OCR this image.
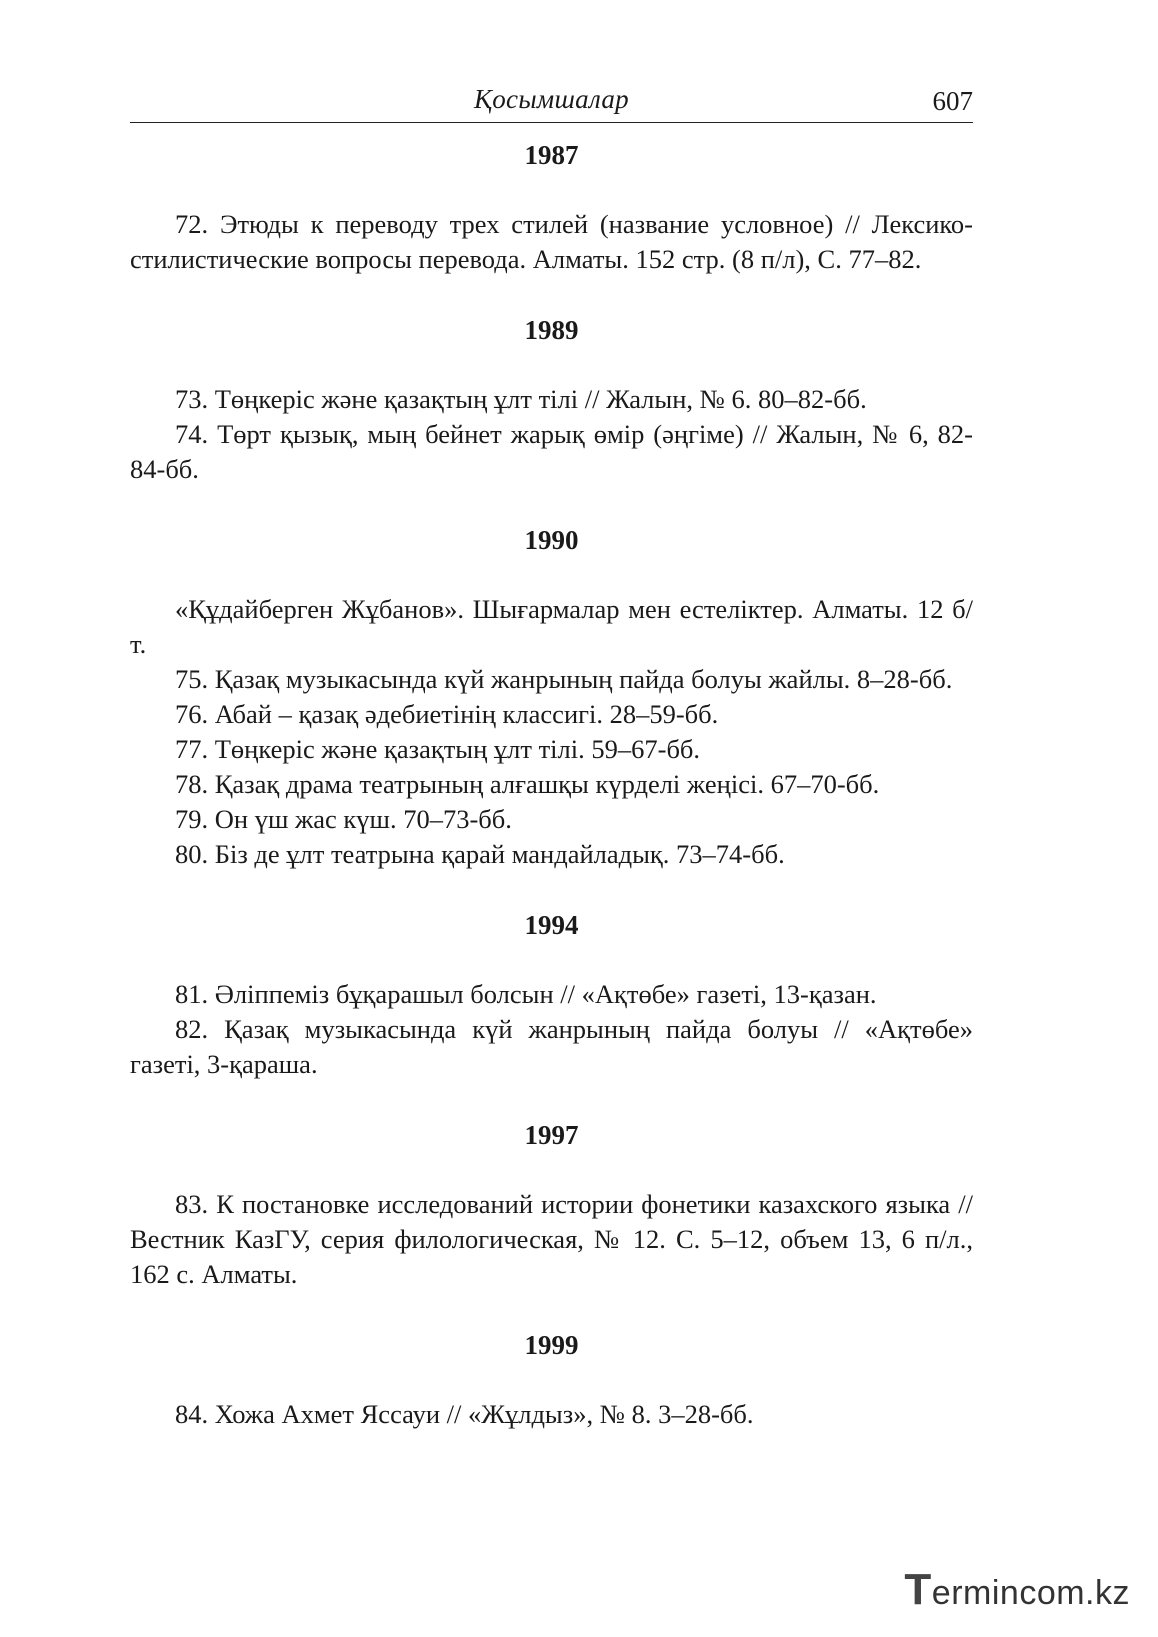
Қосымшалар	607
1987

72. Этюды к переводу трех стилей (название условное) // Лексико-стилистические вопросы перевода. Алматы. 152 стр. (8 п/л), С. 77–82.

1989

73. Төңкеріс және қазақтың ұлт тілі // Жалын, № 6. 80–82-бб.

74. Төрт қызық, мың бейнет жарық өмір (әңгіме) // Жалын, № 6, 82-84-бб.

1990

«Құдайберген Жұбанов». Шығармалар мен естеліктер. Алматы. 12 б/т.

75. Қазақ музыкасында күй жанрының пайда болуы жайлы. 8–28-бб.

76. Абай – қазақ әдебиетінің классигі. 28–59-бб.

77. Төңкеріс және қазақтың ұлт тілі. 59–67-бб.

78. Қазақ драма театрының алғашқы күрделі жеңісі. 67–70-бб.

79. Он үш жас күш. 70–73-бб.

80. Біз де ұлт театрына қарай мандайладық. 73–74-бб.

1994

81. Әліппеміз бұқарашыл болсын // «Ақтөбе» газеті, 13-қазан.

82. Қазақ музыкасында күй жанрының пайда болуы // «Ақтөбе» газеті, 3-қараша.

1997

83. К постановке исследований истории фонетики казахского языка // Вестник КазГУ, серия филологическая, № 12. С. 5–12, объем 13, 6 п/л., 162 с. Алматы.

1999

84. Хожа Ахмет Яссауи // «Жұлдыз», № 8. 3–28-бб.

Termincom.kz
